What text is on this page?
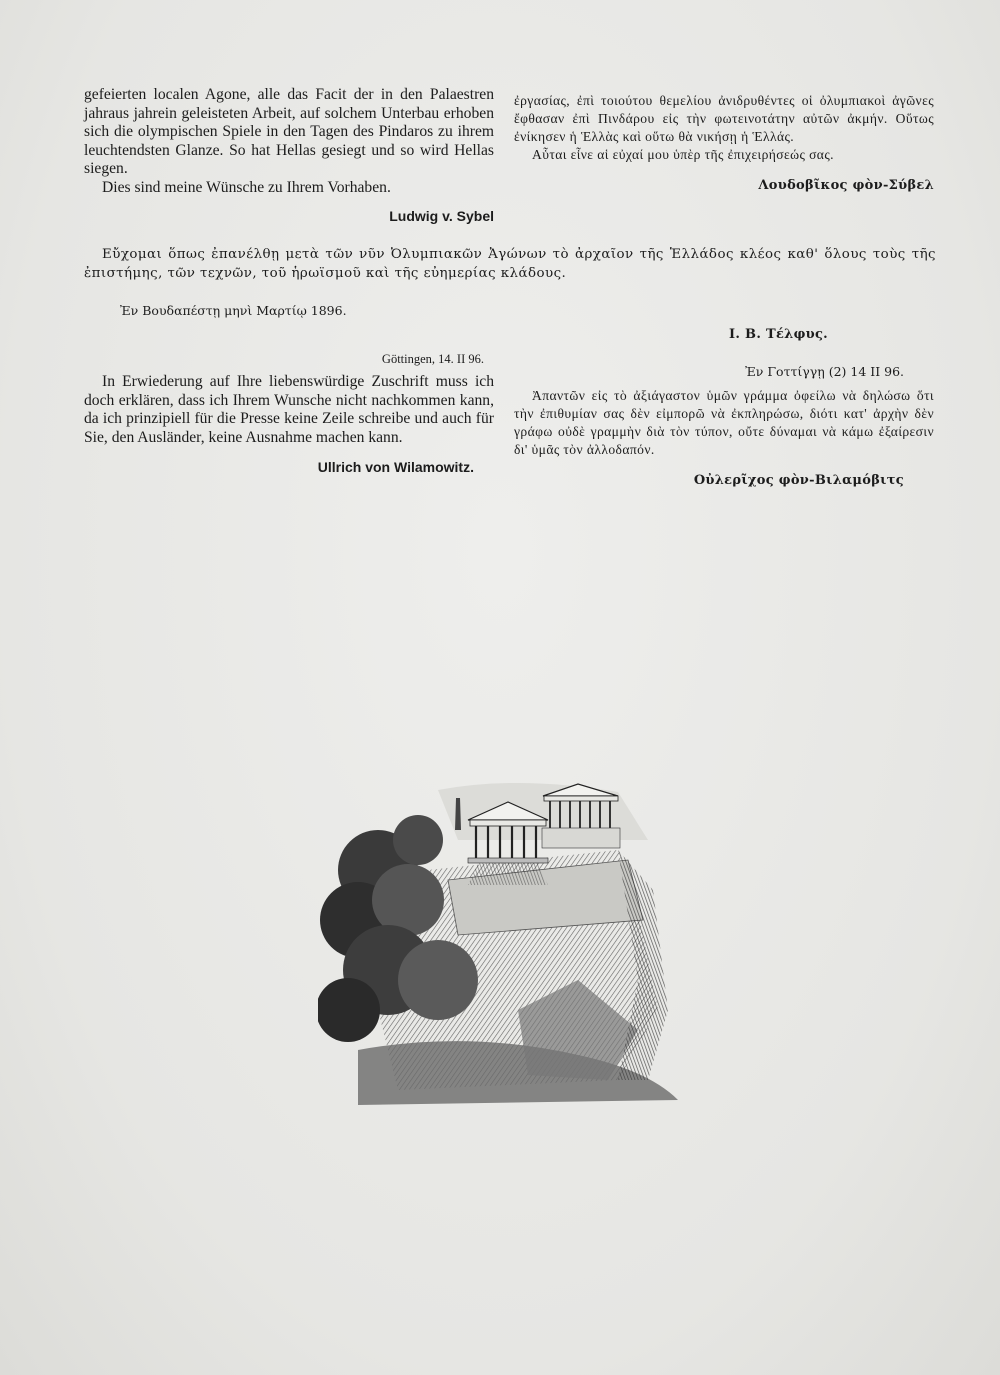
gefeierten localen Agone, alle das Facit der in den Palaestren jahraus jahrein geleisteten Arbeit, auf solchem Unterbau erhoben sich die olympischen Spiele in den Tagen des Pindaros zu ihrem leuchtendsten Glanze. So hat Hellas gesiegt und so wird Hellas siegen.

Dies sind meine Wünsche zu Ihrem Vorhaben.

Ludwig v. Sybel

ἐργασίας, ἐπὶ τοιούτου θεμελίου ἀνιδρυθέντες οἱ ὀλυμπιακοὶ ἀγῶνες ἔφθασαν ἐπὶ Πινδάρου εἰς τὴν φωτεινοτάτην αὐτῶν ἀκμήν. Οὕτως ἐνίκησεν ἡ Ἑλλὰς καὶ οὕτω θὰ νικήσῃ ἡ Ἑλλάς.

Αὗται εἶνε αἱ εὐχαί μου ὑπὲρ τῆς ἐπιχειρήσεώς σας.

Λουδοβῖκος φὸν-Σύβελ

Εὔχομαι ὅπως ἐπανέλθῃ μετὰ τῶν νῦν Ὀλυμπιακῶν Ἀγώνων τὸ ἀρχαῖον τῆς Ἑλλάδος κλέος καθ' ὅλους τοὺς τῆς ἐπιστήμης, τῶν τεχνῶν, τοῦ ἡρωϊσμοῦ καὶ τῆς εὐημερίας κλάδους.

Ἐν Βουδαπέστῃ μηνὶ Μαρτίῳ 1896.

I. B. Τέλφυς.

Göttingen, 14. II 96.

In Erwiederung auf Ihre liebenswürdige Zuschrift muss ich doch erklären, dass ich Ihrem Wunsche nicht nachkommen kann, da ich prinzipiell für die Presse keine Zeile schreibe und auch für Sie, den Ausländer, keine Ausnahme machen kann.

Ullrich von Wilamowitz.

Ἐν Γοττίγγῃ (2) 14 II 96.

Ἀπαντῶν εἰς τὸ ἀξιάγαστον ὑμῶν γράμμα ὀφείλω νὰ δηλώσω ὅτι τὴν ἐπιθυμίαν σας δὲν εἰμπορῶ νὰ ἐκπληρώσω, διότι κατ' ἀρχὴν δὲν γράφω οὐδὲ γραμμὴν διὰ τὸν τύπον, οὔτε δύναμαι νὰ κάμω ἐξαίρεσιν δι' ὑμᾶς τὸν ἀλλοδαπόν.

Οὐλερῖχος φὸν-Βιλαμόβιτς
